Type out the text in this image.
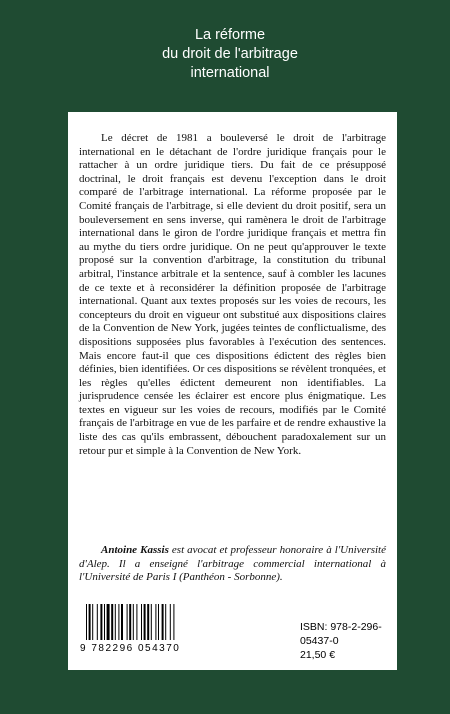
La réforme
du droit de l'arbitrage
international

Le décret de 1981 a bouleversé le droit de l'arbitrage international en le détachant de l'ordre juridique français pour le rattacher à un ordre juridique tiers. Du fait de ce présupposé doctrinal, le droit français est devenu l'exception dans le droit comparé de l'arbitrage international. La réforme proposée par le Comité français de l'arbitrage, si elle devient du droit positif, sera un bouleversement en sens inverse, qui ramènera le droit de l'arbitrage international dans le giron de l'ordre juridique français et mettra fin au mythe du tiers ordre juridique. On ne peut qu'approuver le texte proposé sur la convention d'arbitrage, la constitution du tribunal arbitral, l'instance arbitrale et la sentence, sauf à combler les lacunes de ce texte et à reconsidérer la définition proposée de l'arbitrage international. Quant aux textes proposés sur les voies de recours, les concepteurs du droit en vigueur ont substitué aux dispositions claires de la Convention de New York, jugées teintes de conflictualisme, des dispositions supposées plus favorables à l'exécution des sentences. Mais encore faut-il que ces dispositions édictent des règles bien définies, bien identifiées. Or ces dispositions se révèlent tronquées, et les règles qu'elles édictent demeurent non identifiables. La jurisprudence censée les éclairer est encore plus énigmatique. Les textes en vigueur sur les voies de recours, modifiés par le Comité français de l'arbitrage en vue de les parfaire et de rendre exhaustive la liste des cas qu'ils embrassent, débouchent paradoxalement sur un retour pur et simple à la Convention de New York.

Antoine Kassis est avocat et professeur honoraire à l'Université d'Alep. Il a enseigné l'arbitrage commercial international à l'Université de Paris I (Panthéon - Sorbonne).

9 782296 054370
ISBN: 978-2-296-05437-0
21,50 €
